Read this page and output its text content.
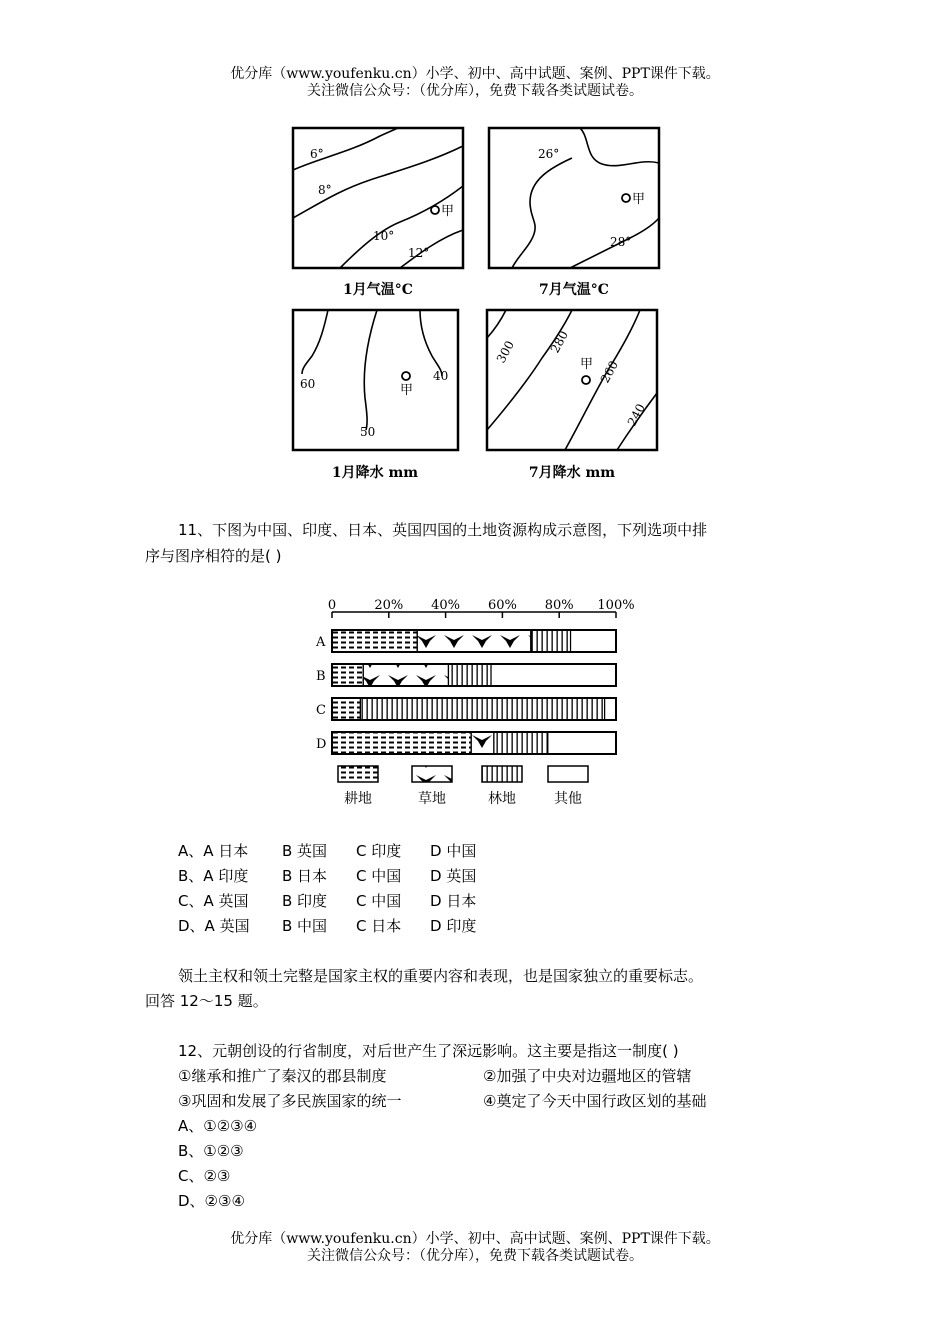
优分库（www.youfenku.cn）小学、初中、高中试题、案例、PPT课件下载。
关注微信公众号：（优分库），免费下载各类试题试卷。
6°
8°
10°
12°
甲
1月气温°C
26°
28°
甲
7月气温°C
60
50
40
甲
1月降水 mm
300	280
260
240
甲
7月降水 mm
11、下图为中国、印度、日本、英国四国的土地资源构成示意图，下列选项中排
序与图序相符的是( )
0	20% 40% 60% 80% 100%
A
B
C
D
耕地	草地	林地	其他
A、A 日本 B 英国 C 印度 D 中国
B、A 印度 B 日本 C 中国 D 英国
C、A 英国 B 印度 C 中国 D 日本
D、A 英国 B 中国 C 日本 D 印度
领土主权和领土完整是国家主权的重要内容和表现，也是国家独立的重要标志。
回答 12～15 题。
12、元朝创设的行省制度，对后世产生了深远影响。这主要是指这一制度( )
①继承和推广了秦汉的郡县制度	②加强了中央对边疆地区的管辖
③巩固和发展了多民族国家的统一	④奠定了今天中国行政区划的基础
A、①②③④
B、①②③
C、②③
D、②③④
优分库（www.youfenku.cn）小学、初中、高中试题、案例、PPT课件下载。
关注微信公众号：（优分库），免费下载各类试题试卷。
